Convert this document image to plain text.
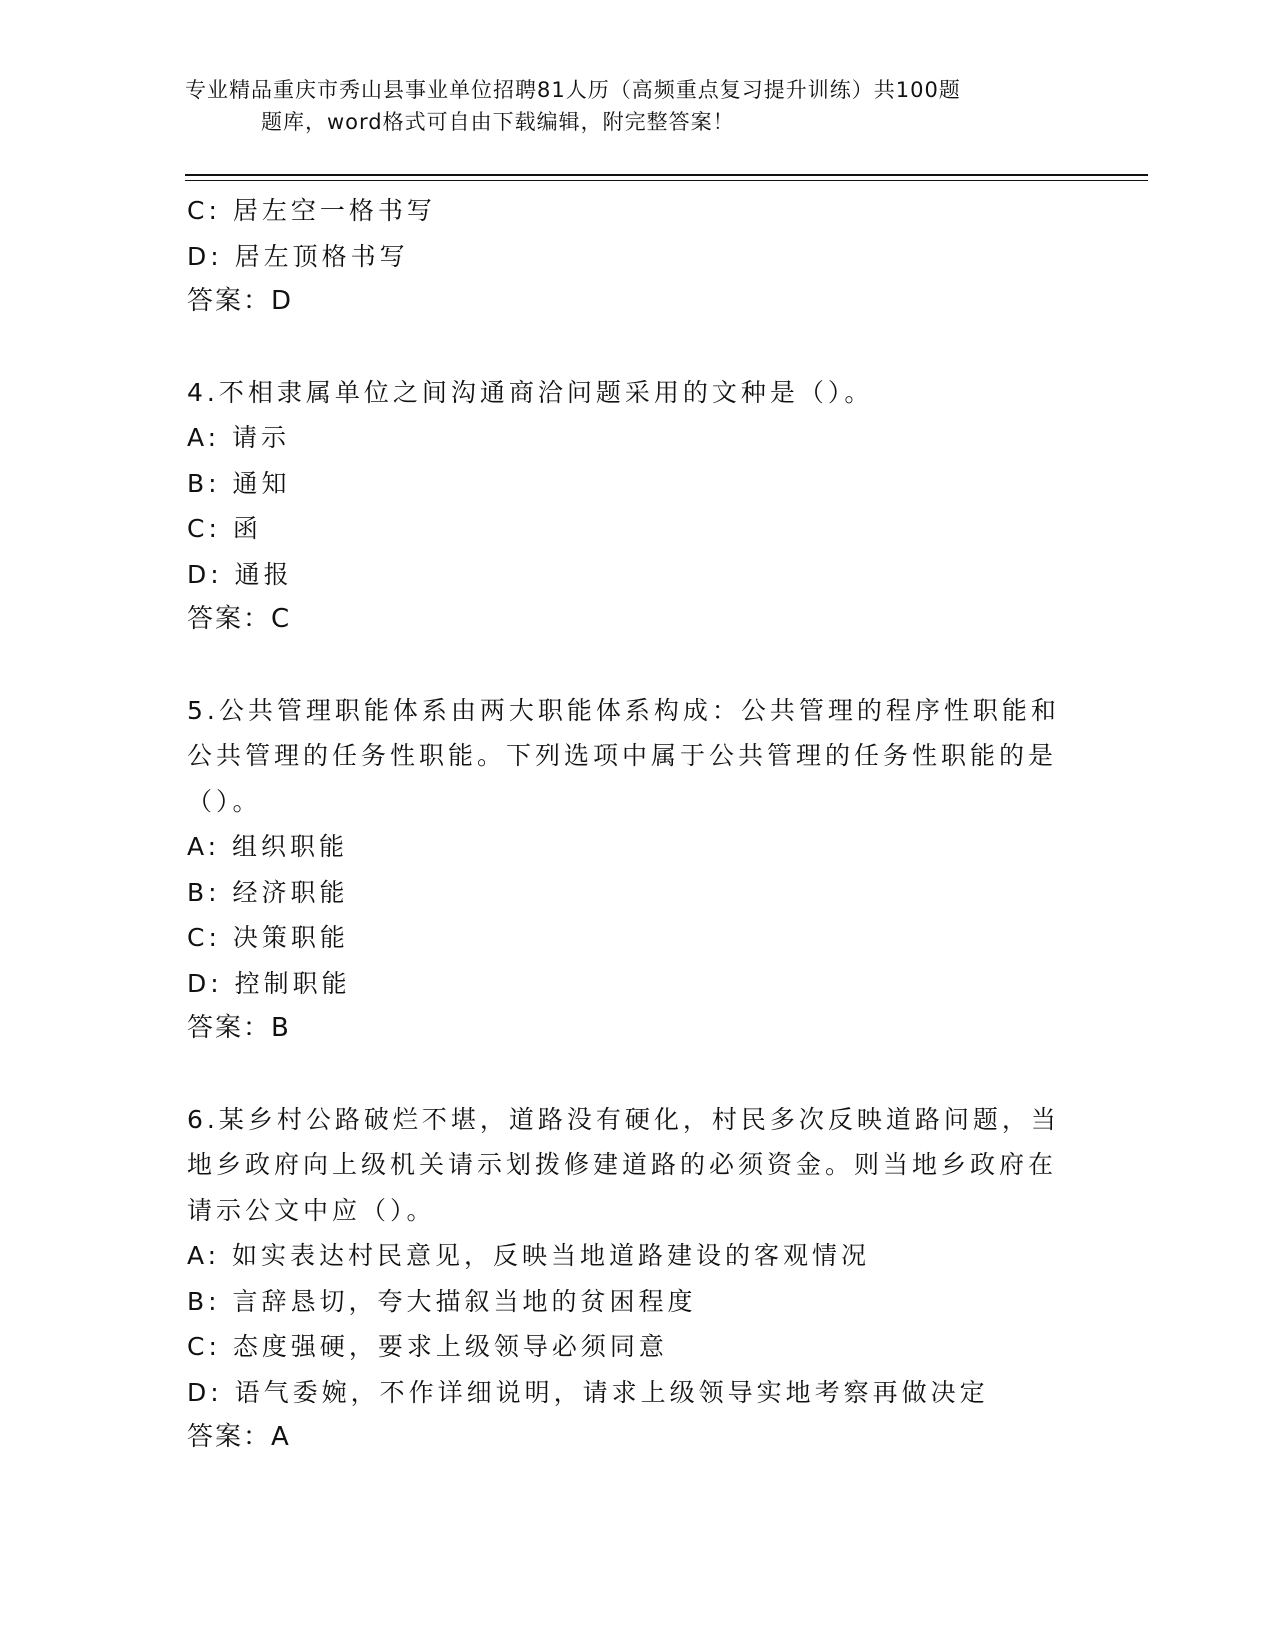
专业精品重庆市秀山县事业单位招聘81人历（高频重点复习提升训练）共100题
题库，word格式可自由下载编辑，附完整答案！
C: 居左空一格书写
D: 居左顶格书写
答案：D
4.不相隶属单位之间沟通商洽问题采用的文种是（）。
A: 请示
B: 通知
C: 函
D: 通报
答案：C
5.公共管理职能体系由两大职能体系构成：公共管理的程序性职能和
公共管理的任务性职能。下列选项中属于公共管理的任务性职能的是
（）。
A: 组织职能
B: 经济职能
C: 决策职能
D: 控制职能
答案：B
6.某乡村公路破烂不堪，道路没有硬化，村民多次反映道路问题，当
地乡政府向上级机关请示划拨修建道路的必须资金。则当地乡政府在
请示公文中应（）。
A: 如实表达村民意见，反映当地道路建设的客观情况
B: 言辞恳切，夸大描叙当地的贫困程度
C: 态度强硬，要求上级领导必须同意
D: 语气委婉，不作详细说明，请求上级领导实地考察再做决定
答案：A
